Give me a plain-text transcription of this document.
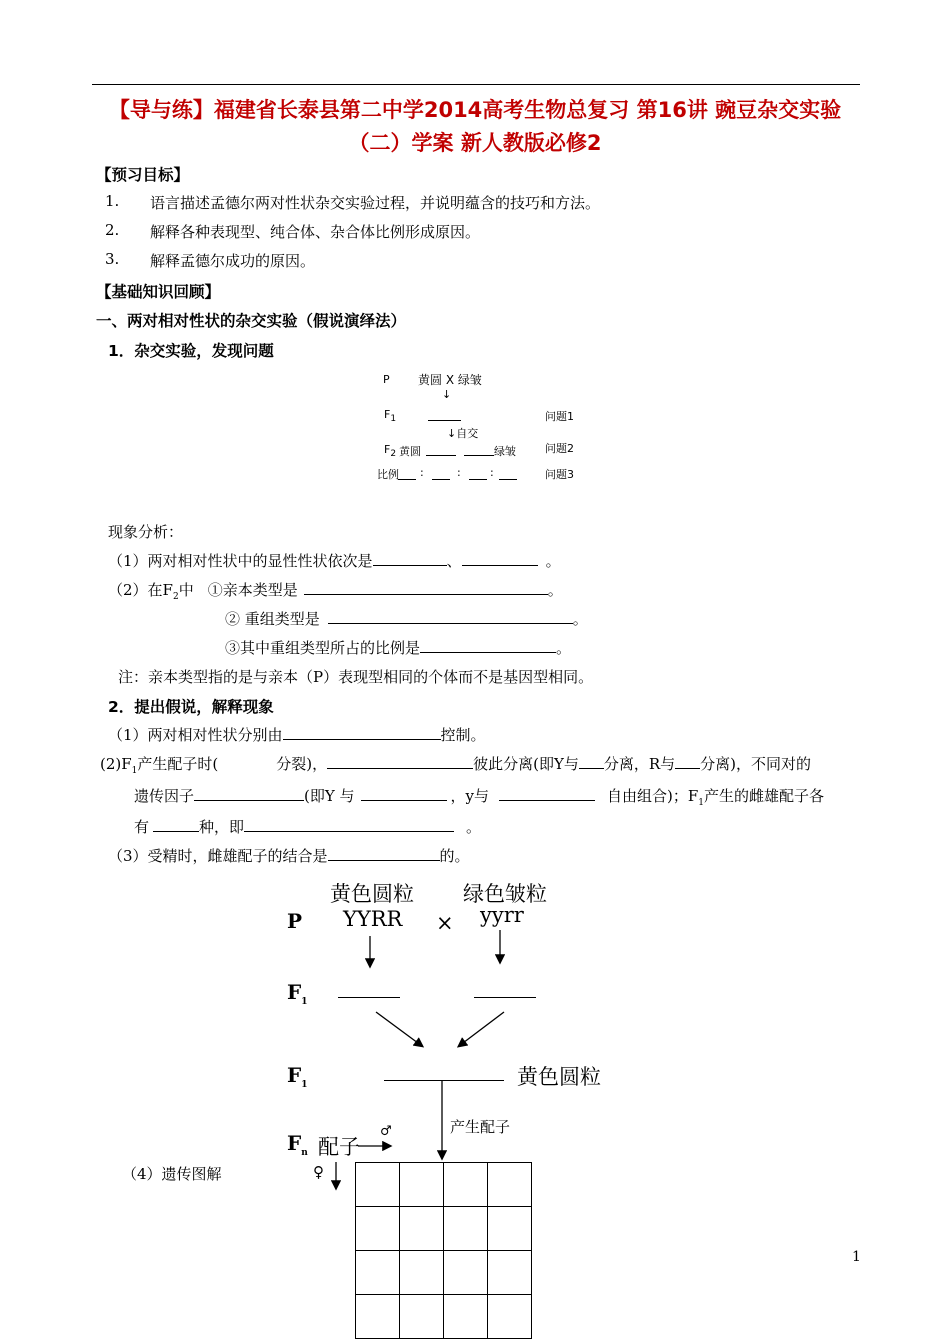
【导与练】福建省长泰县第二中学2014高考生物总复习 第16讲 豌豆杂交实验
（二）学案 新人教版必修2
【预习目标】
1. 语言描述孟德尔两对性状杂交实验过程，并说明蕴含的技巧和方法。
2. 解释各种表现型、纯合体、杂合体比例形成原因。
3. 解释孟德尔成功的原因。
【基础知识回顾】
一、两对相对性状的杂交实验（假说演绎法）
1．杂交实验，发现问题
P 黄圆 X 绿皱
↓
$F_1$	问题1
↓自交
$F_2$ 黄圆	绿皱	问题2
比例 :	:	:	问题3
现象分析：
（1）两对相对性状中的显性性状依次是	、	。
（2）在$F_2$中 ①亲本类型是	。
② 重组类型是	。
③其中重组类型所占的比例是	。
注：亲本类型指的是与亲本（P）表现型相同的个体而不是基因型相同。
2．提出假说，解释现象
（1）两对相对性状分别由	控制。
$(2)F_1$产生配子时(	分裂)，	彼此分离(即Y与 分离，R与 分离)，不同对的
遗传因子	(即Y 与	，y与	自由组合)；$F_1$产生的雌雄配子各
有	种，即	。
（3）受精时，雌雄配子的结合是	的。
黄色圆粒 绿色皱粒
P YYRR × yyrr
$F_1$
$F_1$	黄色圆粒
产生配子
$F_n$ 配子
♂
♀
（4）遗传图解

1
